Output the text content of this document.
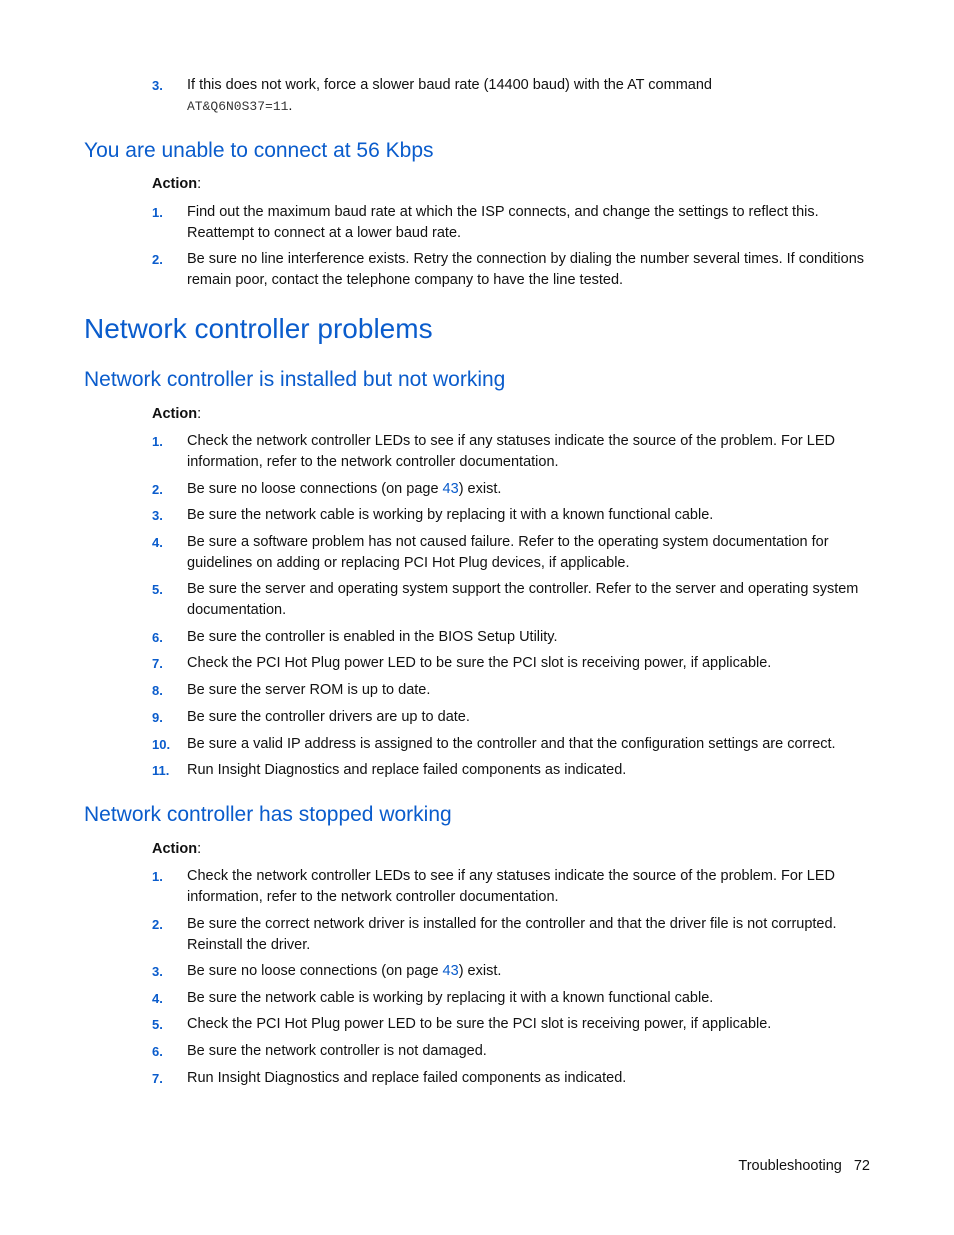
3. If this does not work, force a slower baud rate (14400 baud) with the AT command
AT&Q6N0S37=11.
You are unable to connect at 56 Kbps
Action:
1. Find out the maximum baud rate at which the ISP connects, and change the settings to reflect this. Reattempt to connect at a lower baud rate.
2. Be sure no line interference exists. Retry the connection by dialing the number several times. If conditions remain poor, contact the telephone company to have the line tested.
Network controller problems
Network controller is installed but not working
Action:
1. Check the network controller LEDs to see if any statuses indicate the source of the problem. For LED information, refer to the network controller documentation.
2. Be sure no loose connections (on page 43) exist.
3. Be sure the network cable is working by replacing it with a known functional cable.
4. Be sure a software problem has not caused failure. Refer to the operating system documentation for guidelines on adding or replacing PCI Hot Plug devices, if applicable.
5. Be sure the server and operating system support the controller. Refer to the server and operating system documentation.
6. Be sure the controller is enabled in the BIOS Setup Utility.
7. Check the PCI Hot Plug power LED to be sure the PCI slot is receiving power, if applicable.
8. Be sure the server ROM is up to date.
9. Be sure the controller drivers are up to date.
10. Be sure a valid IP address is assigned to the controller and that the configuration settings are correct.
11. Run Insight Diagnostics and replace failed components as indicated.
Network controller has stopped working
Action:
1. Check the network controller LEDs to see if any statuses indicate the source of the problem. For LED information, refer to the network controller documentation.
2. Be sure the correct network driver is installed for the controller and that the driver file is not corrupted. Reinstall the driver.
3. Be sure no loose connections (on page 43) exist.
4. Be sure the network cable is working by replacing it with a known functional cable.
5. Check the PCI Hot Plug power LED to be sure the PCI slot is receiving power, if applicable.
6. Be sure the network controller is not damaged.
7. Run Insight Diagnostics and replace failed components as indicated.
Troubleshooting 72
